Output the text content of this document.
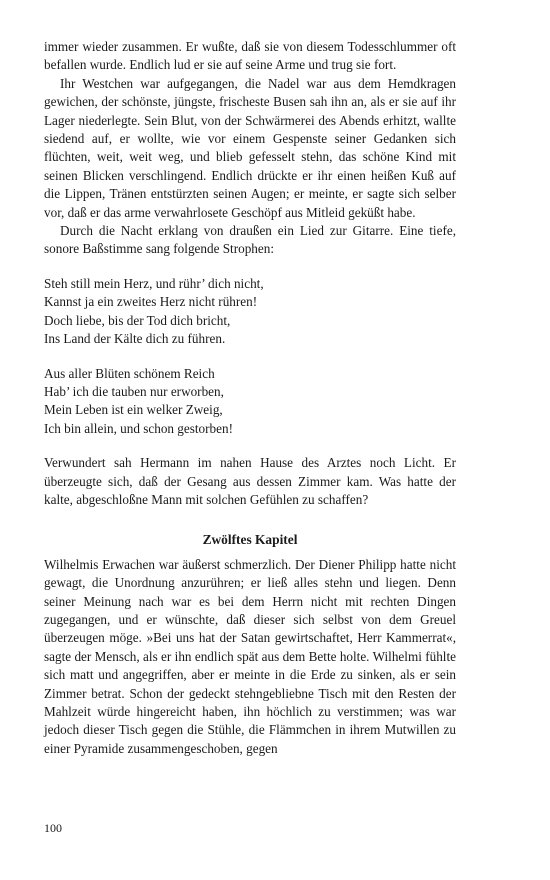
immer wieder zusammen. Er wußte, daß sie von diesem Todesschlummer oft befallen wurde. Endlich lud er sie auf seine Arme und trug sie fort.

Ihr Westchen war aufgegangen, die Nadel war aus dem Hemdkragen gewichen, der schönste, jüngste, frischeste Busen sah ihn an, als er sie auf ihr Lager niederlegte. Sein Blut, von der Schwärmerei des Abends erhitzt, wallte siedend auf, er wollte, wie vor einem Gespenste seiner Gedanken sich flüchten, weit, weit weg, und blieb gefesselt stehn, das schöne Kind mit seinen Blicken verschlingend. Endlich drückte er ihr einen heißen Kuß auf die Lippen, Tränen entstürzten seinen Augen; er meinte, er sagte sich selber vor, daß er das arme verwahrlosete Geschöpf aus Mitleid geküßt habe.

Durch die Nacht erklang von draußen ein Lied zur Gitarre. Eine tiefe, sonore Baßstimme sang folgende Strophen:

Steh still mein Herz, und rühr’ dich nicht,
Kannst ja ein zweites Herz nicht rühren!
Doch liebe, bis der Tod dich bricht,
Ins Land der Kälte dich zu führen.
Aus aller Blüten schönem Reich
Hab’ ich die tauben nur erworben,
Mein Leben ist ein welker Zweig,
Ich bin allein, und schon gestorben!

Verwundert sah Hermann im nahen Hause des Arztes noch Licht. Er überzeugte sich, daß der Gesang aus dessen Zimmer kam. Was hatte der kalte, abgeschloßne Mann mit solchen Gefühlen zu schaffen?

Zwölftes Kapitel

Wilhelmis Erwachen war äußerst schmerzlich. Der Diener Philipp hatte nicht gewagt, die Unordnung anzurühren; er ließ alles stehn und liegen. Denn seiner Meinung nach war es bei dem Herrn nicht mit rechten Dingen zugegangen, und er wünschte, daß dieser sich selbst von dem Greuel überzeugen möge. »Bei uns hat der Satan gewirtschaftet, Herr Kammerrat«, sagte der Mensch, als er ihn endlich spät aus dem Bette holte. Wilhelmi fühlte sich matt und angegriffen, aber er meinte in die Erde zu sinken, als er sein Zimmer betrat. Schon der gedeckt stehngebliebne Tisch mit den Resten der Mahlzeit würde hingereicht haben, ihn höchlich zu verstimmen; was war jedoch dieser Tisch gegen die Stühle, die Flämmchen in ihrem Mutwillen zu einer Pyramide zusammengeschoben, gegen

100
